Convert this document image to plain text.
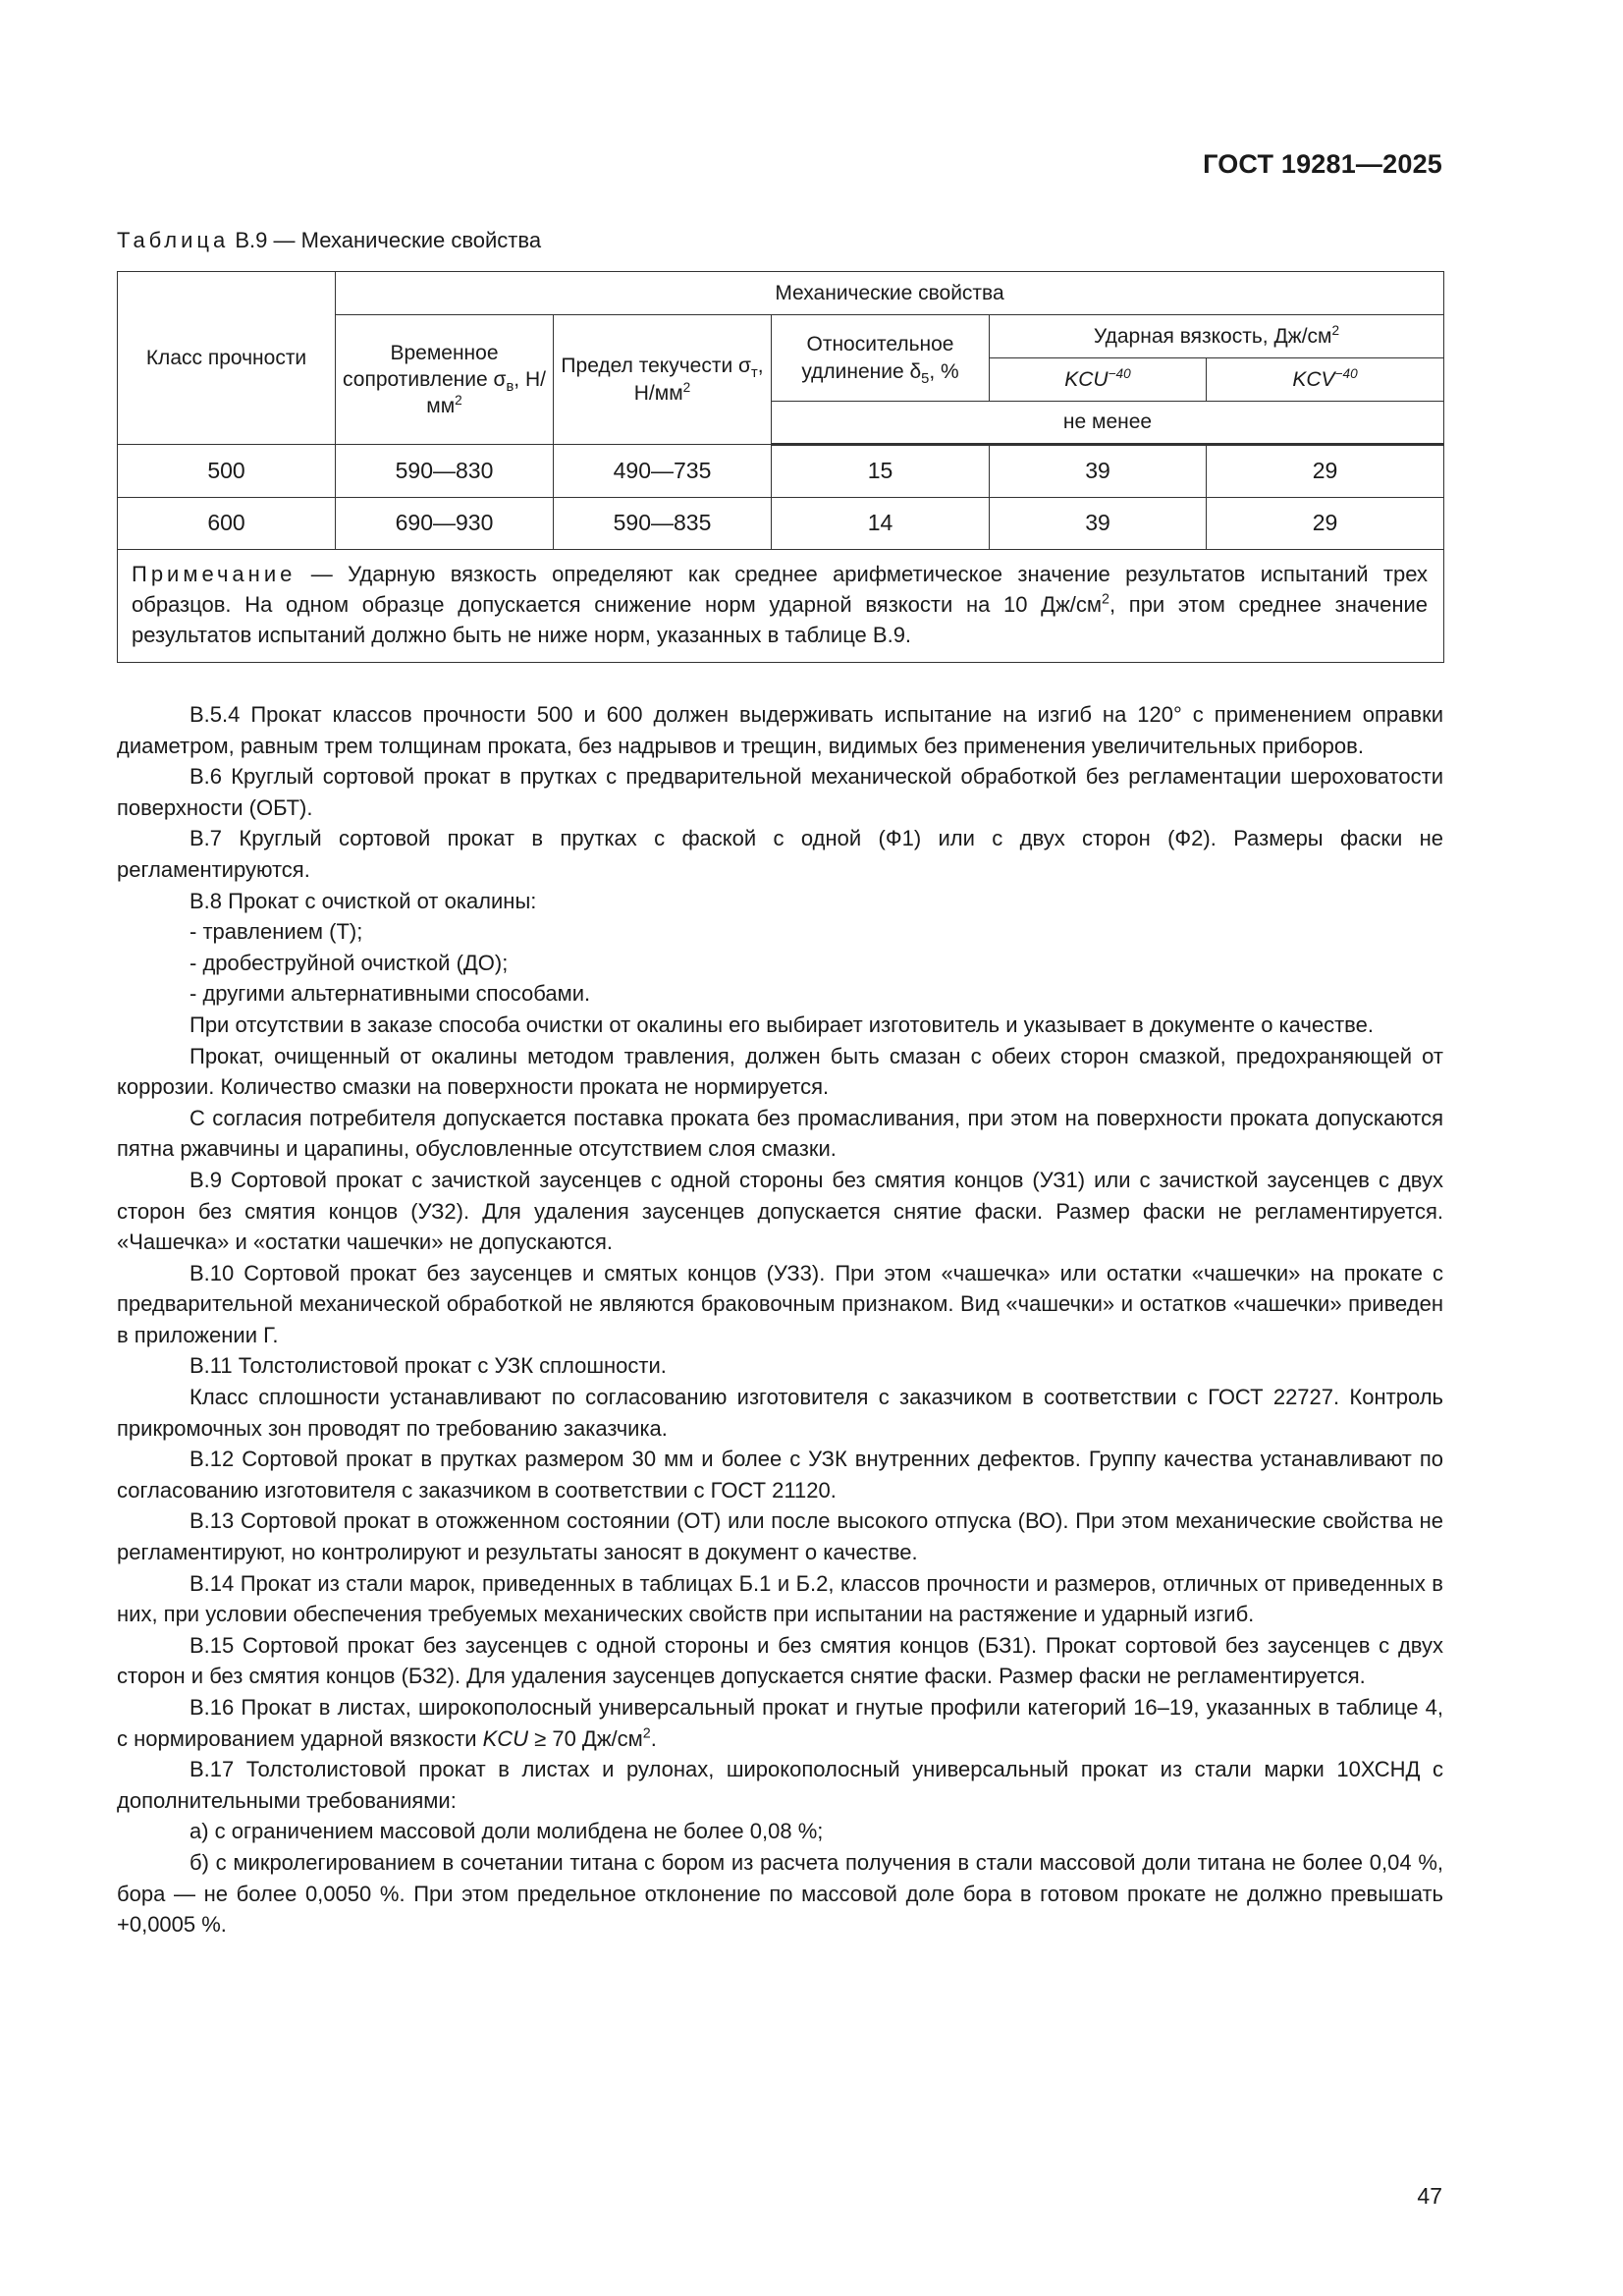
ГОСТ 19281—2025

Таблица В.9 — Механические свойства

Класс прочности	Механические свойства				
	Временное сопротивление $\sigma_в$, $Н/мм^2$	Предел текучести $\sigma_т$, $Н/мм^2$	Относительное удлинение $\delta_5$, %	Ударная вязкость, $Дж/см^2$
				$KCU^{-40}$	$KCV^{-40}$
			не менее		
500	590—830	490—735	15	39	29
600	690—930	590—835	14	39	29
Примечание — Ударную вязкость определяют как среднее арифметическое значение результатов испытаний трех образцов. На одном образце допускается снижение норм ударной вязкости на 10 $Дж/см^2$, при этом среднее значение результатов испытаний должно быть не ниже норм, указанных в таблице В.9.					

В.5.4 Прокат классов прочности 500 и 600 должен выдерживать испытание на изгиб на 120° с применением оправки диаметром, равным трем толщинам проката, без надрывов и трещин, видимых без применения увеличительных приборов.

В.6 Круглый сортовой прокат в прутках с предварительной механической обработкой без регламентации шероховатости поверхности (ОБТ).

В.7 Круглый сортовой прокат в прутках с фаской с одной (Ф1) или с двух сторон (Ф2). Размеры фаски не регламентируются.

В.8 Прокат с очисткой от окалины:

- травлением (Т);

- дробеструйной очисткой (ДО);

- другими альтернативными способами.

При отсутствии в заказе способа очистки от окалины его выбирает изготовитель и указывает в документе о качестве.

Прокат, очищенный от окалины методом травления, должен быть смазан с обеих сторон смазкой, предохраняющей от коррозии. Количество смазки на поверхности проката не нормируется.

С согласия потребителя допускается поставка проката без промасливания, при этом на поверхности проката допускаются пятна ржавчины и царапины, обусловленные отсутствием слоя смазки.

В.9 Сортовой прокат с зачисткой заусенцев с одной стороны без смятия концов (УЗ1) или с зачисткой заусенцев с двух сторон без смятия концов (УЗ2). Для удаления заусенцев допускается снятие фаски. Размер фаски не регламентируется. «Чашечка» и «остатки чашечки» не допускаются.

В.10 Сортовой прокат без заусенцев и смятых концов (УЗ3). При этом «чашечка» или остатки «чашечки» на прокате с предварительной механической обработкой не являются браковочным признаком. Вид «чашечки» и остатков «чашечки» приведен в приложении Г.

В.11 Толстолистовой прокат с УЗК сплошности.

Класс сплошности устанавливают по согласованию изготовителя с заказчиком в соответствии с ГОСТ 22727. Контроль прикромочных зон проводят по требованию заказчика.

В.12 Сортовой прокат в прутках размером 30 мм и более с УЗК внутренних дефектов. Группу качества устанавливают по согласованию изготовителя с заказчиком в соответствии с ГОСТ 21120.

В.13 Сортовой прокат в отожженном состоянии (ОТ) или после высокого отпуска (ВО). При этом механические свойства не регламентируют, но контролируют и результаты заносят в документ о качестве.

В.14 Прокат из стали марок, приведенных в таблицах Б.1 и Б.2, классов прочности и размеров, отличных от приведенных в них, при условии обеспечения требуемых механических свойств при испытании на растяжение и ударный изгиб.

В.15 Сортовой прокат без заусенцев с одной стороны и без смятия концов (БЗ1). Прокат сортовой без заусенцев с двух сторон и без смятия концов (БЗ2). Для удаления заусенцев допускается снятие фаски. Размер фаски не регламентируется.

В.16 Прокат в листах, широкополосный универсальный прокат и гнутые профили категорий 16–19, указанных в таблице 4, с нормированием ударной вязкости KCU ≥ 70 $Дж/см^2$.

В.17 Толстолистовой прокат в листах и рулонах, широкополосный универсальный прокат из стали марки 10ХСНД с дополнительными требованиями:

а) с ограничением массовой доли молибдена не более 0,08 %;

б) с микролегированием в сочетании титана с бором из расчета получения в стали массовой доли титана не более 0,04 %, бора — не более 0,0050 %. При этом предельное отклонение по массовой доле бора в готовом прокате не должно превышать +0,0005 %.

47
